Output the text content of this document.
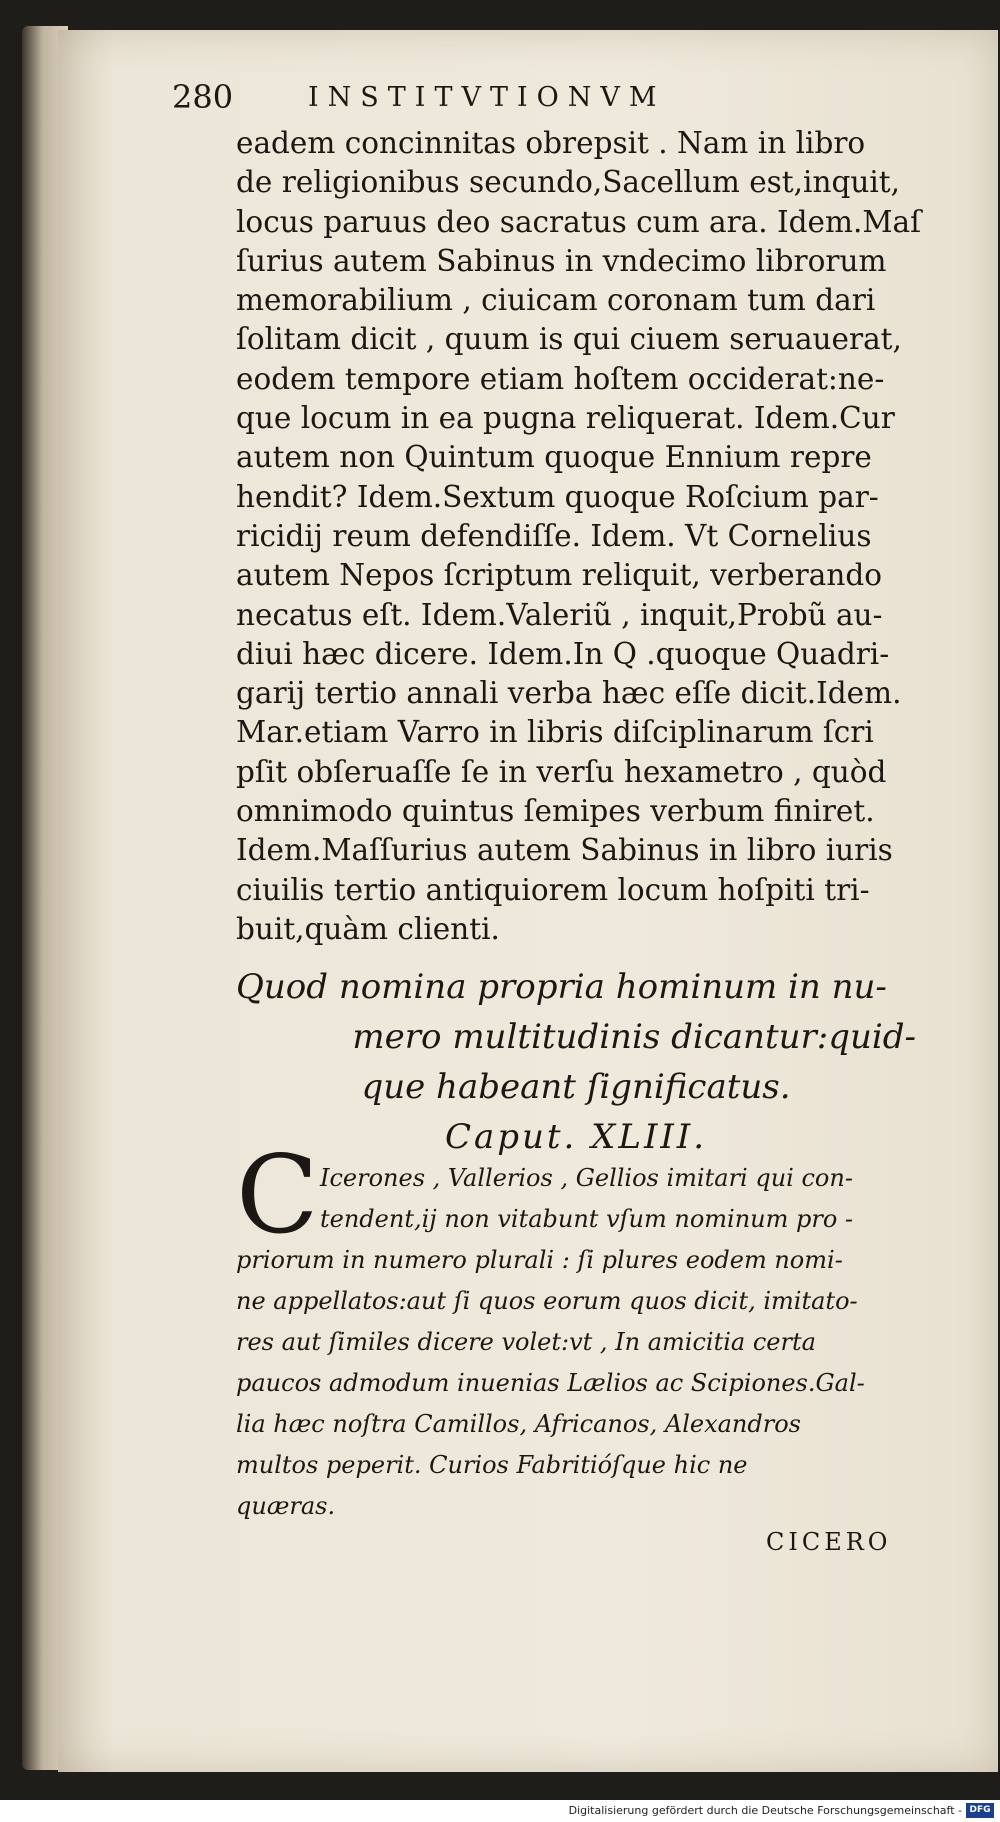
280	INSTITVTIONVM
eadem concinnitas obrepsit . Nam in libro
de religionibus secundo,Sacellum est,inquit,
locus paruus deo sacratus cum ara. Idem.Maſ
ſurius autem Sabinus in vndecimo librorum
memorabilium , ciuicam coronam tum dari
ſolitam dicit , quum is qui ciuem seruauerat,
eodem tempore etiam hoſtem occiderat:ne-
que locum in ea pugna reliquerat. Idem.Cur
autem non Quintum quoque Ennium repre
hendit? Idem.Sextum quoque Roſcium par-
ricidij reum defendiſſe. Idem. Vt Cornelius
autem Nepos ſcriptum reliquit, verberando
necatus eſt. Idem.Valeriũ , inquit,Probũ au-
diui hæc dicere. Idem.In Q .quoque Quadri-
garij tertio annali verba hæc eſſe dicit.Idem.
Mar.etiam Varro in libris diſciplinarum ſcri
pſit obſeruaſſe ſe in verſu hexametro , quòd
omnimodo quintus ſemipes verbum finiret.
Idem.Maſſurius autem Sabinus in libro iuris
ciuilis tertio antiquiorem locum hoſpiti tri-
buit,quàm clienti.
Quod nomina propria hominum in nu-
mero multitudinis dicantur:quid-
que habeant ſignificatus.
Caput. XLIII.
C Icerones , Vallerios , Gellios imitari qui con-
tendent,ij non vitabunt vſum nominum pro -
priorum in numero plurali : ſi plures eodem nomi-
ne appellatos:aut ſi quos eorum quos dicit, imitato-
res aut ſimiles dicere volet:vt , In amicitia certa
paucos admodum inuenias Lælios ac Scipiones.Gal-
lia hæc noſtra Camillos, Africanos, Alexandros
multos peperit. Curios Fabritióſque hic ne
quæras.
CICERO
Digitalisierung gefördert durch die Deutsche Forschungsgemeinschaft - DFG
